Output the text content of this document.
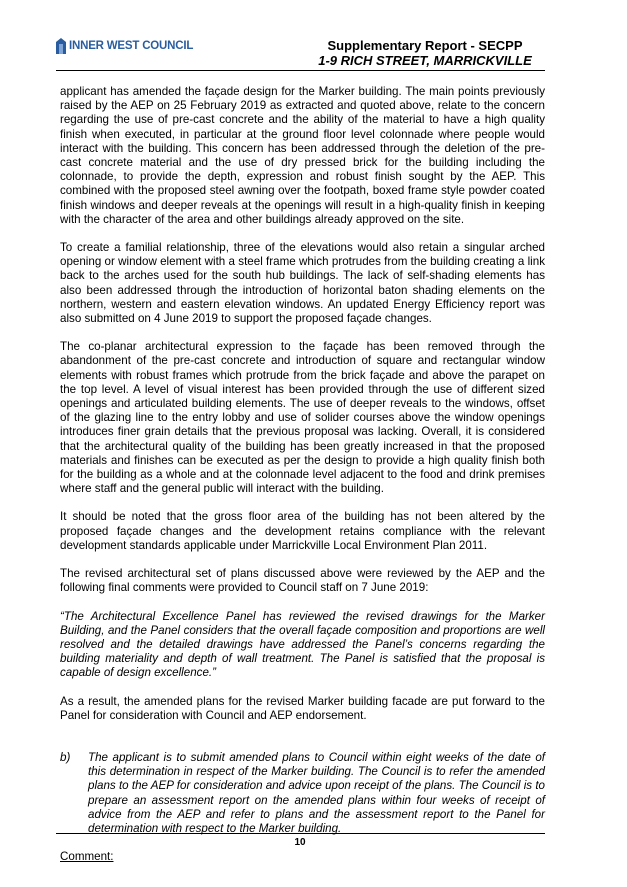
INNER WEST COUNCIL	Supplementary Report - SECPP
1-9 RICH STREET, MARRICKVILLE

applicant has amended the façade design for the Marker building. The main points previously raised by the AEP on 25 February 2019 as extracted and quoted above, relate to the concern regarding the use of pre-cast concrete and the ability of the material to have a high quality finish when executed, in particular at the ground floor level colonnade where people would interact with the building. This concern has been addressed through the deletion of the pre-cast concrete material and the use of dry pressed brick for the building including the colonnade, to provide the depth, expression and robust finish sought by the AEP. This combined with the proposed steel awning over the footpath, boxed frame style powder coated finish windows and deeper reveals at the openings will result in a high-quality finish in keeping with the character of the area and other buildings already approved on the site.

To create a familial relationship, three of the elevations would also retain a singular arched opening or window element with a steel frame which protrudes from the building creating a link back to the arches used for the south hub buildings. The lack of self-shading elements has also been addressed through the introduction of horizontal baton shading elements on the northern, western and eastern elevation windows. An updated Energy Efficiency report was also submitted on 4 June 2019 to support the proposed façade changes.

The co-planar architectural expression to the façade has been removed through the abandonment of the pre-cast concrete and introduction of square and rectangular window elements with robust frames which protrude from the brick façade and above the parapet on the top level. A level of visual interest has been provided through the use of different sized openings and articulated building elements. The use of deeper reveals to the windows, offset of the glazing line to the entry lobby and use of solider courses above the window openings introduces finer grain details that the previous proposal was lacking. Overall, it is considered that the architectural quality of the building has been greatly increased in that the proposed materials and finishes can be executed as per the design to provide a high quality finish both for the building as a whole and at the colonnade level adjacent to the food and drink premises where staff and the general public will interact with the building.

It should be noted that the gross floor area of the building has not been altered by the proposed façade changes and the development retains compliance with the relevant development standards applicable under Marrickville Local Environment Plan 2011.

The revised architectural set of plans discussed above were reviewed by the AEP and the following final comments were provided to Council staff on 7 June 2019:

“The Architectural Excellence Panel has reviewed the revised drawings for the Marker Building, and the Panel considers that the overall façade composition and proportions are well resolved and the detailed drawings have addressed the Panel’s concerns regarding the building materiality and depth of wall treatment. The Panel is satisfied that the proposal is capable of design excellence.”

As a result, the amended plans for the revised Marker building facade are put forward to the Panel for consideration with Council and AEP endorsement.

b)	The applicant is to submit amended plans to Council within eight weeks of the date of this determination in respect of the Marker building. The Council is to refer the amended plans to the AEP for consideration and advice upon receipt of the plans. The Council is to prepare an assessment report on the amended plans within four weeks of receipt of advice from the AEP and refer to plans and the assessment report to the Panel for determination with respect to the Marker building.

Comment:

10
